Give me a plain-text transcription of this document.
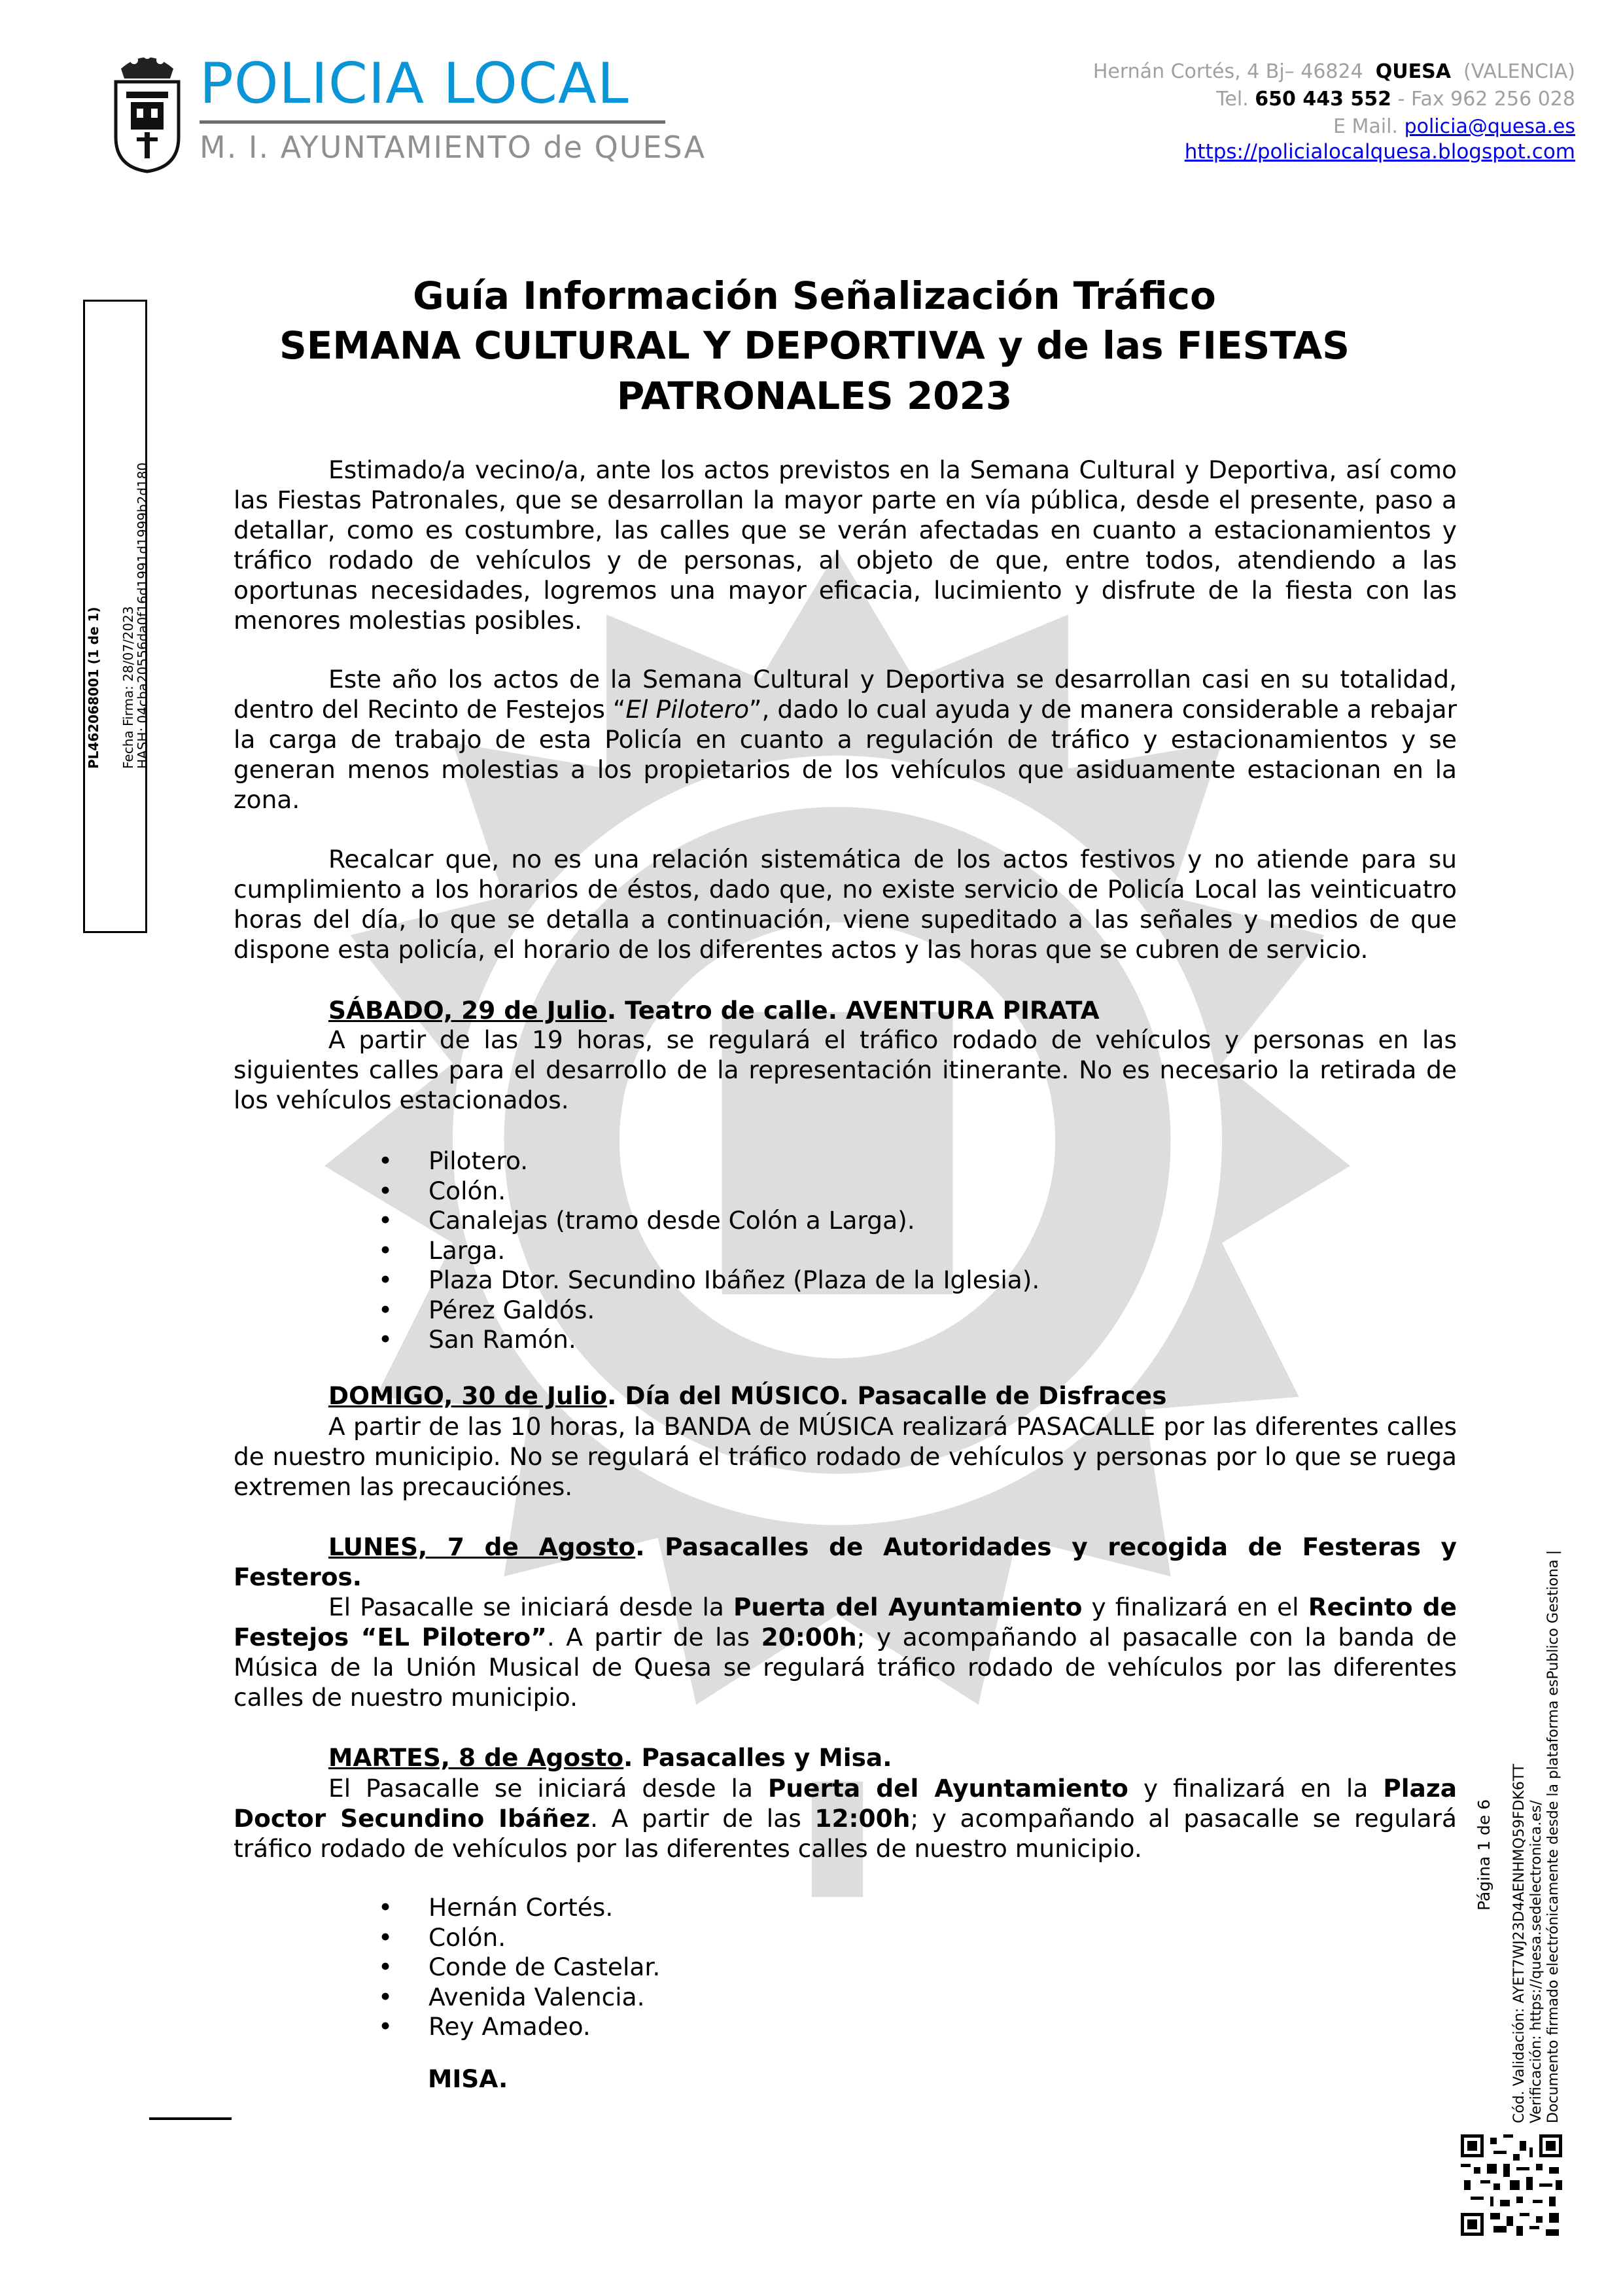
POLICIA LOCAL
M. I. AYUNTAMIENTO de QUESA
Hernán Cortés, 4 Bj– 46824 QUESA (VALENCIA)
Tel. 650 443 552 - Fax 962 256 028
E Mail. policia@quesa.es
https://policialocalquesa.blogspot.com
PL462068001 (1 de 1) Fecha Firma: 28/07/2023
HASH: 04cba20556da0f16d1991d1999b2d180
Cód. Validación: AYET7WJ23D4AENHMQ59FDK6TT Verificación: https://quesa.sedelectronica.es/ Documento firmado electrónicamente desde la plataforma esPublico Gestiona |
Página 1 de 6
Guía Información Señalización Tráfico
SEMANA CULTURAL Y DEPORTIVA y de las FIESTAS
PATRONALES 2023
Estimado/a vecino/a, ante los actos previstos en la Semana Cultural y Deportiva, así como las Fiestas Patronales, que se desarrollan la mayor parte en vía pública, desde el presente, paso a detallar, como es costumbre, las calles que se verán afectadas en cuanto a estacionamientos y tráfico rodado de vehículos y de personas, al objeto de que, entre todos, atendiendo a las oportunas necesidades, logremos una mayor eficacia, lucimiento y disfrute de la fiesta con las menores molestias posibles.
Este año los actos de la Semana Cultural y Deportiva se desarrollan casi en su totalidad, dentro del Recinto de Festejos “El Pilotero”, dado lo cual ayuda y de manera considerable a rebajar la carga de trabajo de esta Policía en cuanto a regulación de tráfico y estacionamientos y se generan menos molestias a los propietarios de los vehículos que asiduamente estacionan en la zona.
Recalcar que, no es una relación sistemática de los actos festivos y no atiende para su cumplimiento a los horarios de éstos, dado que, no existe servicio de Policía Local las veinticuatro horas del día, lo que se detalla a continuación, viene supeditado a las señales y medios de que dispone esta policía, el horario de los diferentes actos y las horas que se cubren de servicio.
SÁBADO, 29 de Julio. Teatro de calle. AVENTURA PIRATA
A partir de las 19 horas, se regulará el tráfico rodado de vehículos y personas en las siguientes calles para el desarrollo de la representación itinerante. No es necesario la retirada de los vehículos estacionados.
• Pilotero.
• Colón.
• Canalejas (tramo desde Colón a Larga).
• Larga.
• Plaza Dtor. Secundino Ibáñez (Plaza de la Iglesia).
• Pérez Galdós.
• San Ramón.
DOMIGO, 30 de Julio. Día del MÚSICO. Pasacalle de Disfraces
A partir de las 10 horas, la BANDA de MÚSICA realizará PASACALLE por las diferentes calles de nuestro municipio. No se regulará el tráfico rodado de vehículos y personas por lo que se ruega extremen las precauciónes.
LUNES, 7 de Agosto. Pasacalles de Autoridades y recogida de Festeras y Festeros.
El Pasacalle se iniciará desde la Puerta del Ayuntamiento y finalizará en el Recinto de Festejos “EL Pilotero”. A partir de las 20:00h; y acompañando al pasacalle con la banda de Música de la Unión Musical de Quesa se regulará tráfico rodado de vehículos por las diferentes calles de nuestro municipio.
MARTES, 8 de Agosto. Pasacalles y Misa.
El Pasacalle se iniciará desde la Puerta del Ayuntamiento y finalizará en la Plaza Doctor Secundino Ibáñez. A partir de las 12:00h; y acompañando al pasacalle se regulará tráfico rodado de vehículos por las diferentes calles de nuestro municipio.
• Hernán Cortés.
• Colón.
• Conde de Castelar.
• Avenida Valencia.
• Rey Amadeo.
MISA.
